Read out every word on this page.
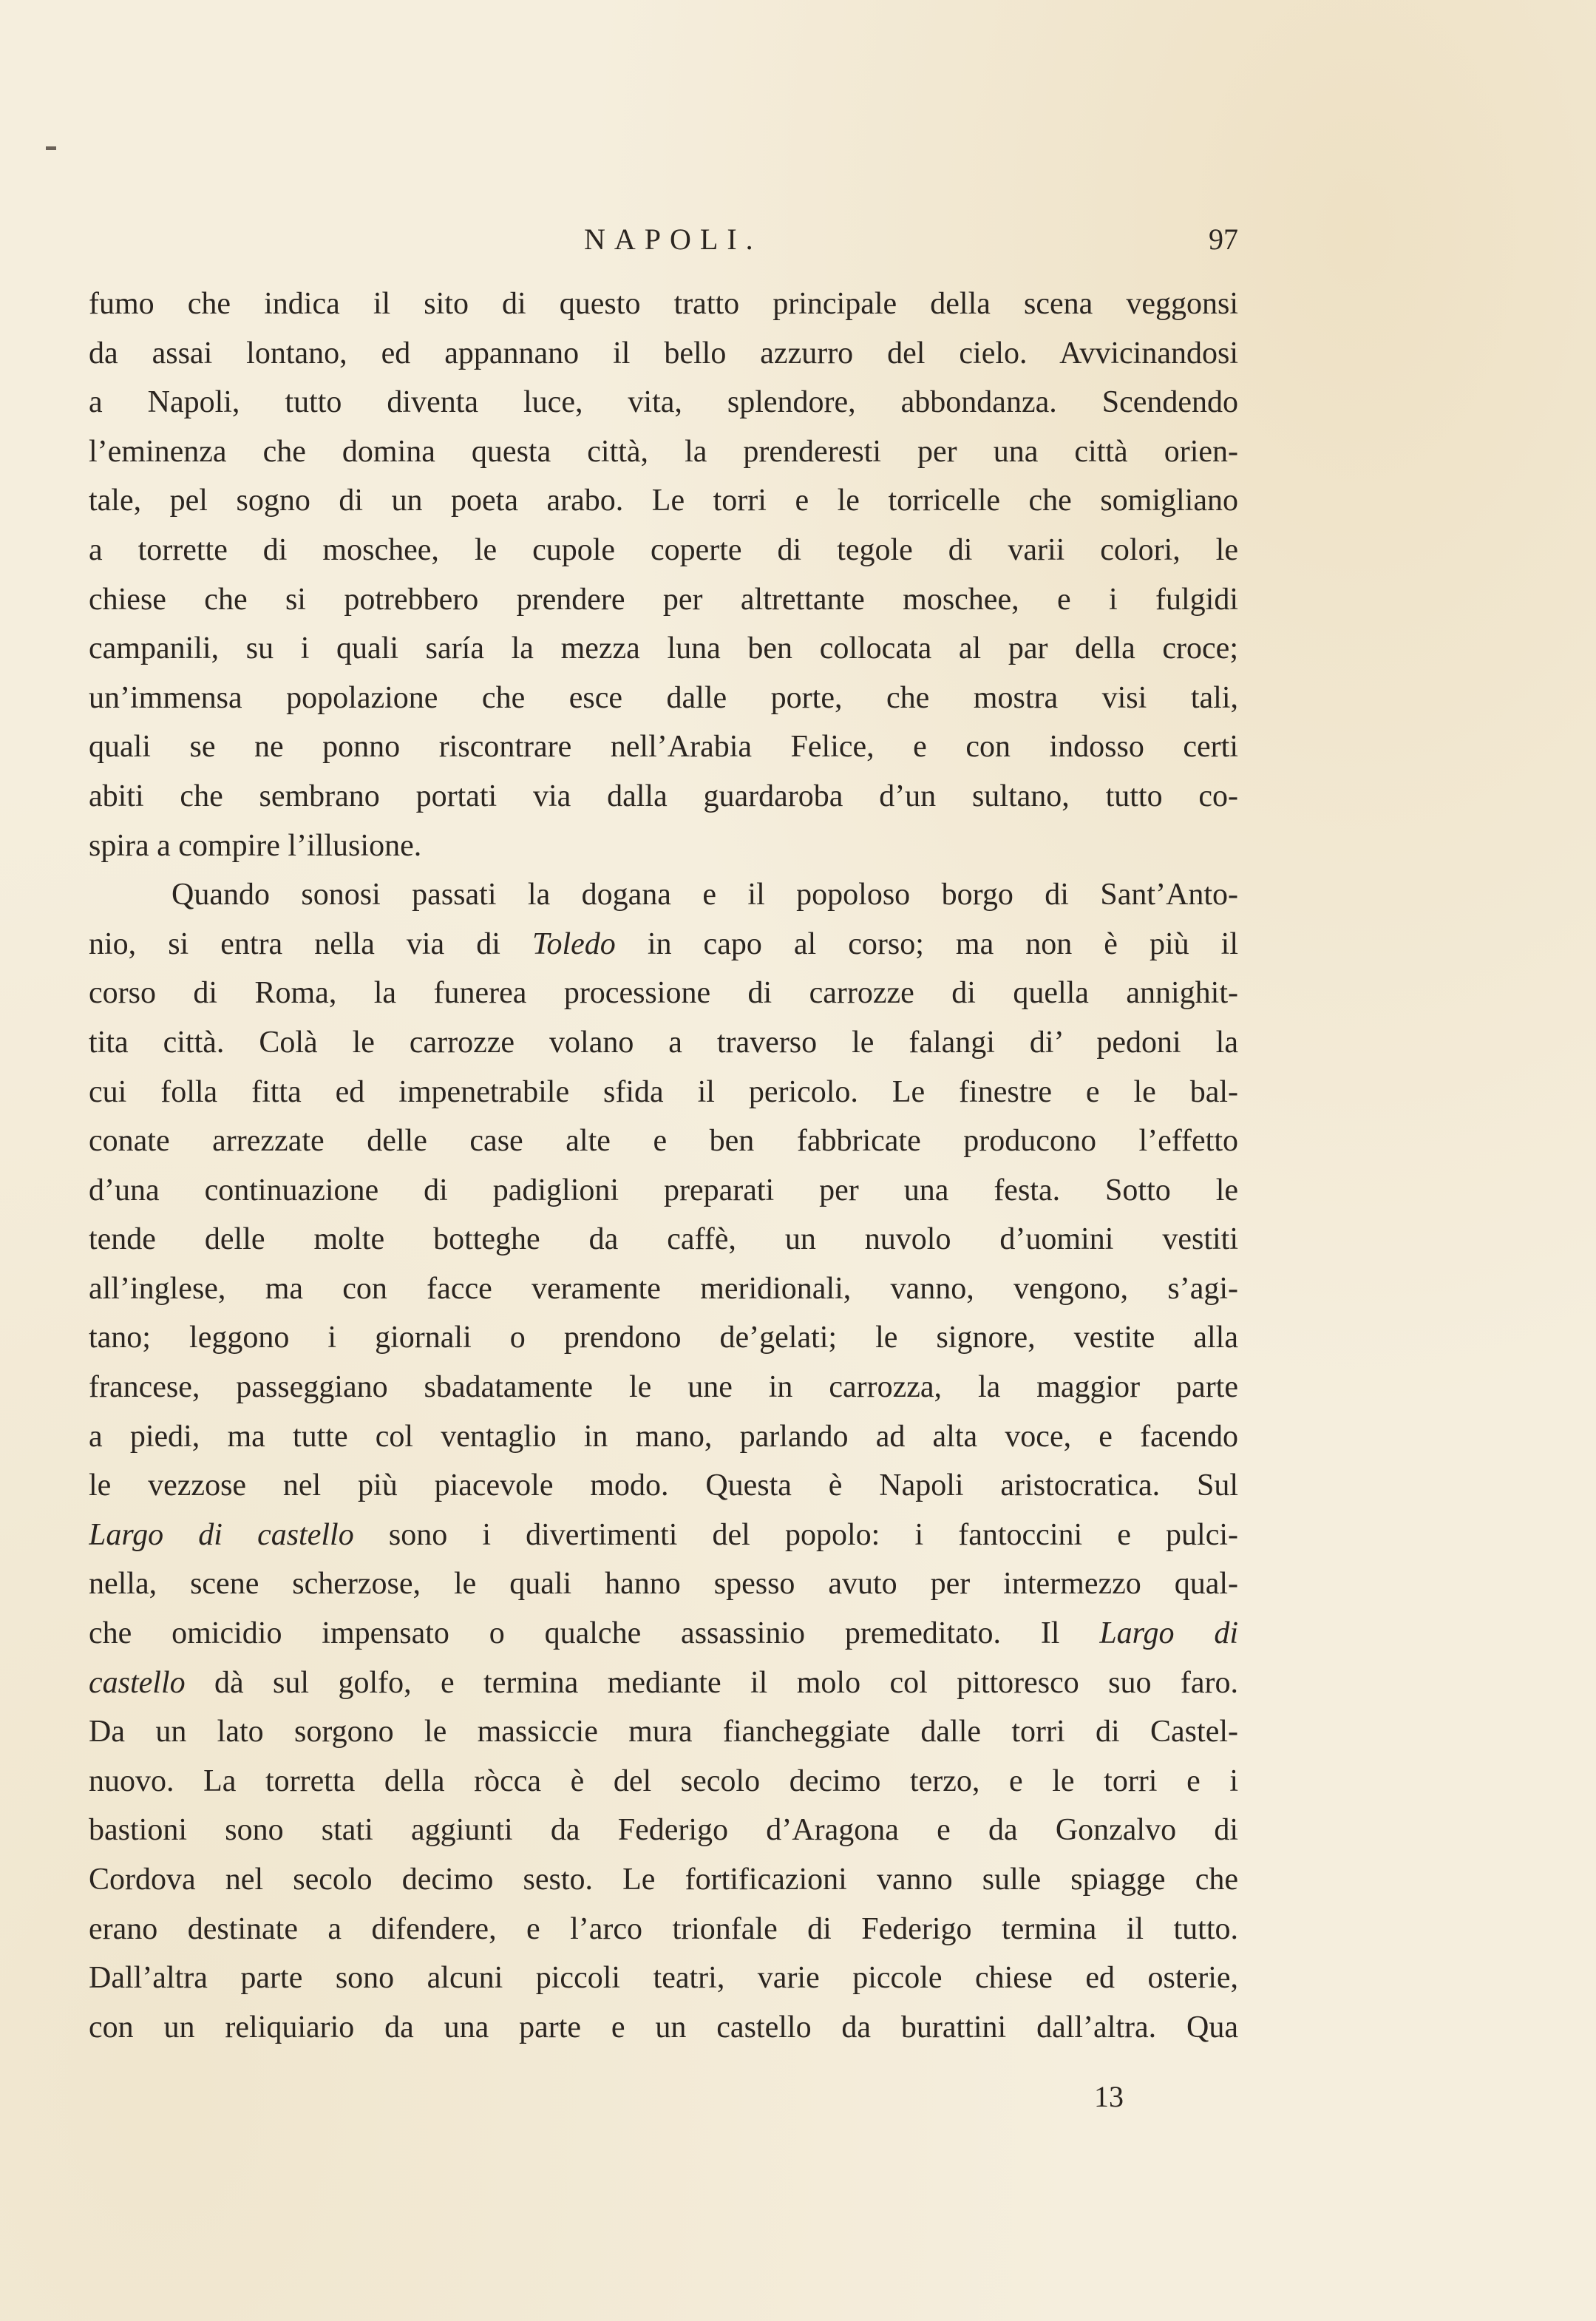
NAPOLI.	97
fumo che indica il sito di questo tratto principale della scena veggonsi
da assai lontano, ed appannano il bello azzurro del cielo. Avvicinandosi
a Napoli, tutto diventa luce, vita, splendore, abbondanza. Scendendo
l’eminenza che domina questa città, la prenderesti per una città orien-
tale, pel sogno di un poeta arabo. Le torri e le torricelle che somigliano
a torrette di moschee, le cupole coperte di tegole di varii colori, le
chiese che si potrebbero prendere per altrettante moschee, e i fulgidi
campanili, su i quali saría la mezza luna ben collocata al par della croce;
un’immensa popolazione che esce dalle porte, che mostra visi tali,
quali se ne ponno riscontrare nell’Arabia Felice, e con indosso certi
abiti che sembrano portati via dalla guardaroba d’un sultano, tutto co-
spira a compire l’illusione.
Quando sonosi passati la dogana e il popoloso borgo di Sant’Anto-
nio, si entra nella via di Toledo in capo al corso; ma non è più il
corso di Roma, la funerea processione di carrozze di quella annighit-
tita città. Colà le carrozze volano a traverso le falangi di’ pedoni la
cui folla fitta ed impenetrabile sfida il pericolo. Le finestre e le bal-
conate arrezzate delle case alte e ben fabbricate producono l’effetto
d’una continuazione di padiglioni preparati per una festa. Sotto le
tende delle molte botteghe da caffè, un nuvolo d’uomini vestiti
all’inglese, ma con facce veramente meridionali, vanno, vengono, s’agi-
tano; leggono i giornali o prendono de’gelati; le signore, vestite alla
francese, passeggiano sbadatamente le une in carrozza, la maggior parte
a piedi, ma tutte col ventaglio in mano, parlando ad alta voce, e facendo
le vezzose nel più piacevole modo. Questa è Napoli aristocratica. Sul
Largo di castello sono i divertimenti del popolo: i fantoccini e pulci-
nella, scene scherzose, le quali hanno spesso avuto per intermezzo qual-
che omicidio impensato o qualche assassinio premeditato. Il Largo di
castello dà sul golfo, e termina mediante il molo col pittoresco suo faro.
Da un lato sorgono le massiccie mura fiancheggiate dalle torri di Castel-
nuovo. La torretta della ròcca è del secolo decimo terzo, e le torri e i
bastioni sono stati aggiunti da Federigo d’Aragona e da Gonzalvo di
Cordova nel secolo decimo sesto. Le fortificazioni vanno sulle spiagge che
erano destinate a difendere, e l’arco trionfale di Federigo termina il tutto.
Dall’altra parte sono alcuni piccoli teatri, varie piccole chiese ed osterie,
con un reliquiario da una parte e un castello da burattini dall’altra. Qua
13
